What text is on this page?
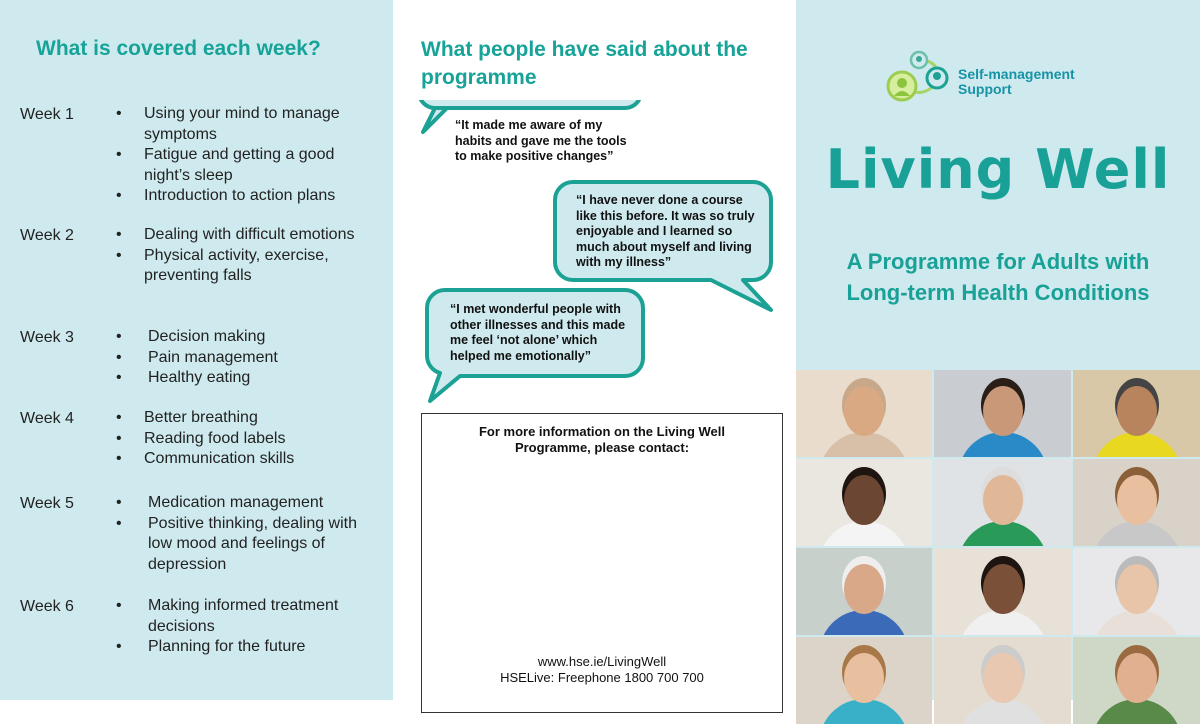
What is covered each week?
Week 1	• Using your mind to manage symptoms
• Fatigue and getting a good night’s sleep
• Introduction to action plans
Week 2	• Dealing with difficult emotions
• Physical activity, exercise, preventing falls
Week 3	• Decision making
• Pain management
• Healthy eating
Week 4	• Better breathing
• Reading food labels
• Communication skills
Week 5	• Medication management
• Positive thinking, dealing with low mood and feelings of depression
Week 6	• Making informed treatment decisions
• Planning for the future
What people have said about the programme
“It made me aware of my habits and gave me the tools to make positive changes”
“I have never done a course like this before. It was so truly enjoyable and I learned so much about myself and living with my illness”
“I met wonderful people with other illnesses and this made me feel ‘not alone’ which helped me emotionally”
For more information on the Living Well Programme, please contact:
www.hse.ie/LivingWell
HSELive: Freephone 1800 700 700
Self-management Support
Living Well
A Programme for Adults with Long-term Health Conditions
